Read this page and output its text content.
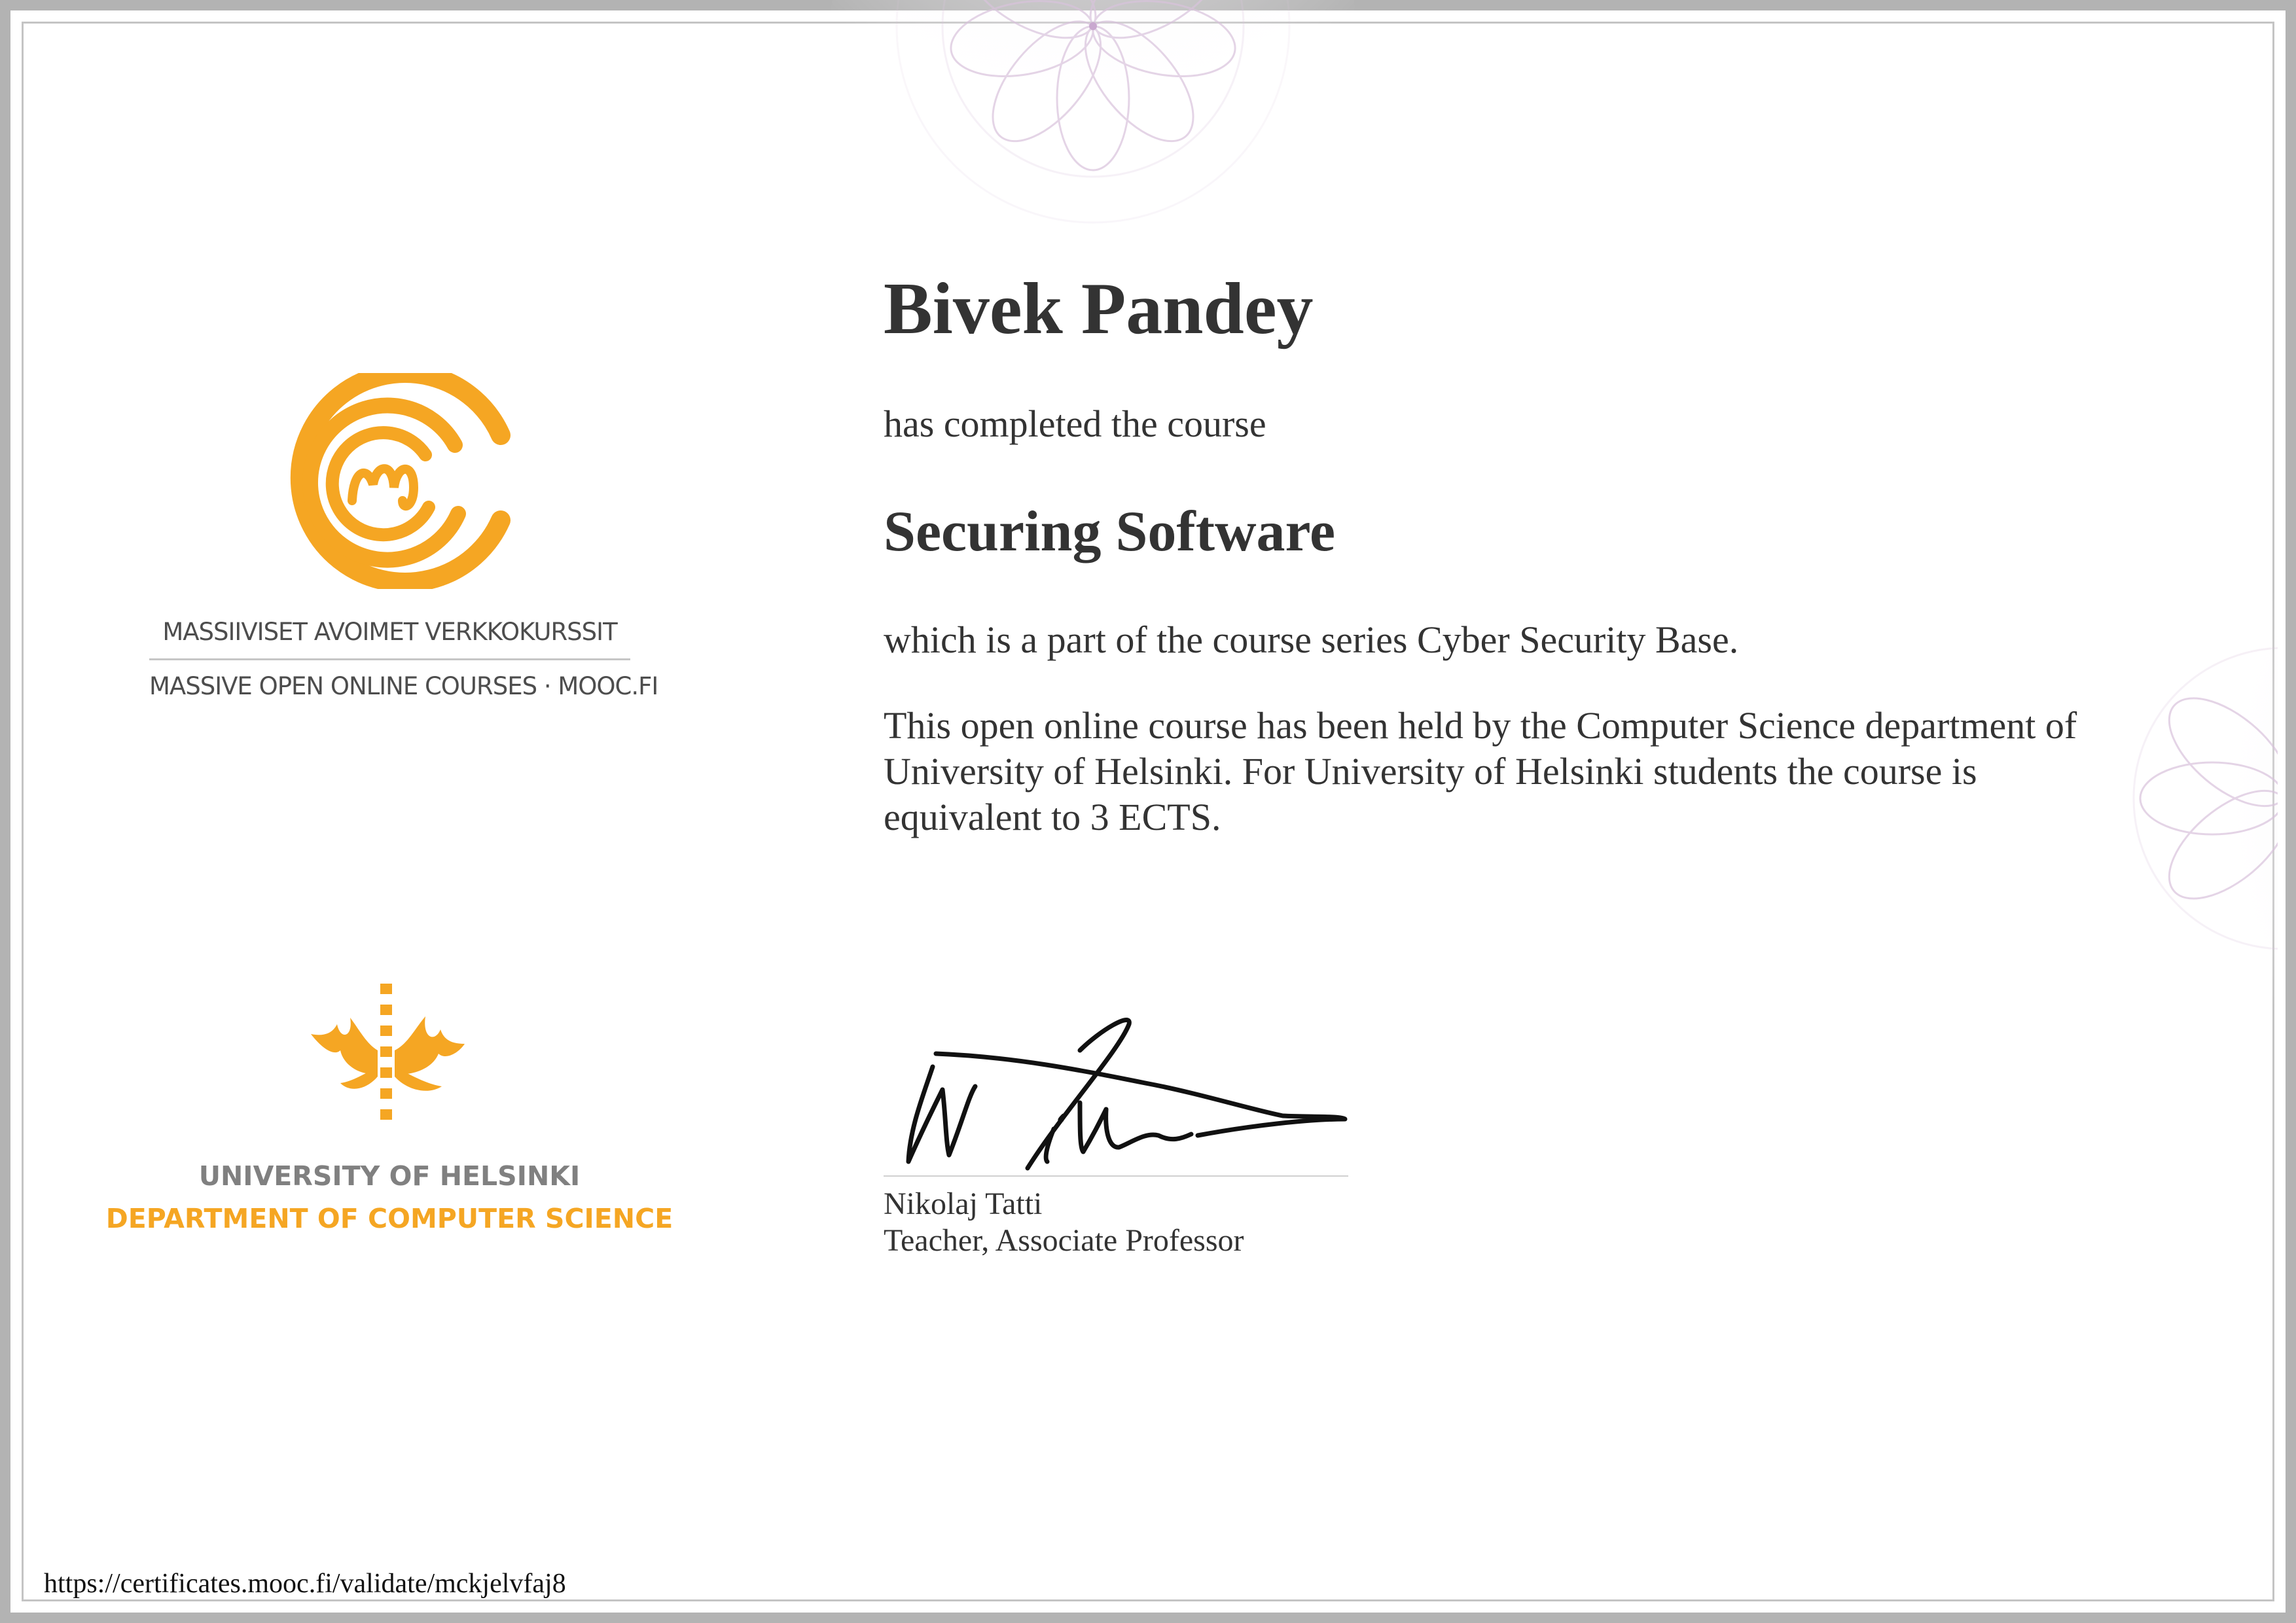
MASSIIVISET AVOIMET VERKKOKURSSIT
MASSIVE OPEN ONLINE COURSES · MOOC.FI
UNIVERSITY OF HELSINKI
DEPARTMENT OF COMPUTER SCIENCE
Bivek Pandey
has completed the course
Securing Software
which is a part of the course series Cyber Security Base.
This open online course has been held by the Computer Science department of University of Helsinki. For University of Helsinki students the course is equivalent to 3 ECTS.
Nikolaj Tatti
Teacher, Associate Professor
https://certificates.mooc.fi/validate/mckjelvfaj8
